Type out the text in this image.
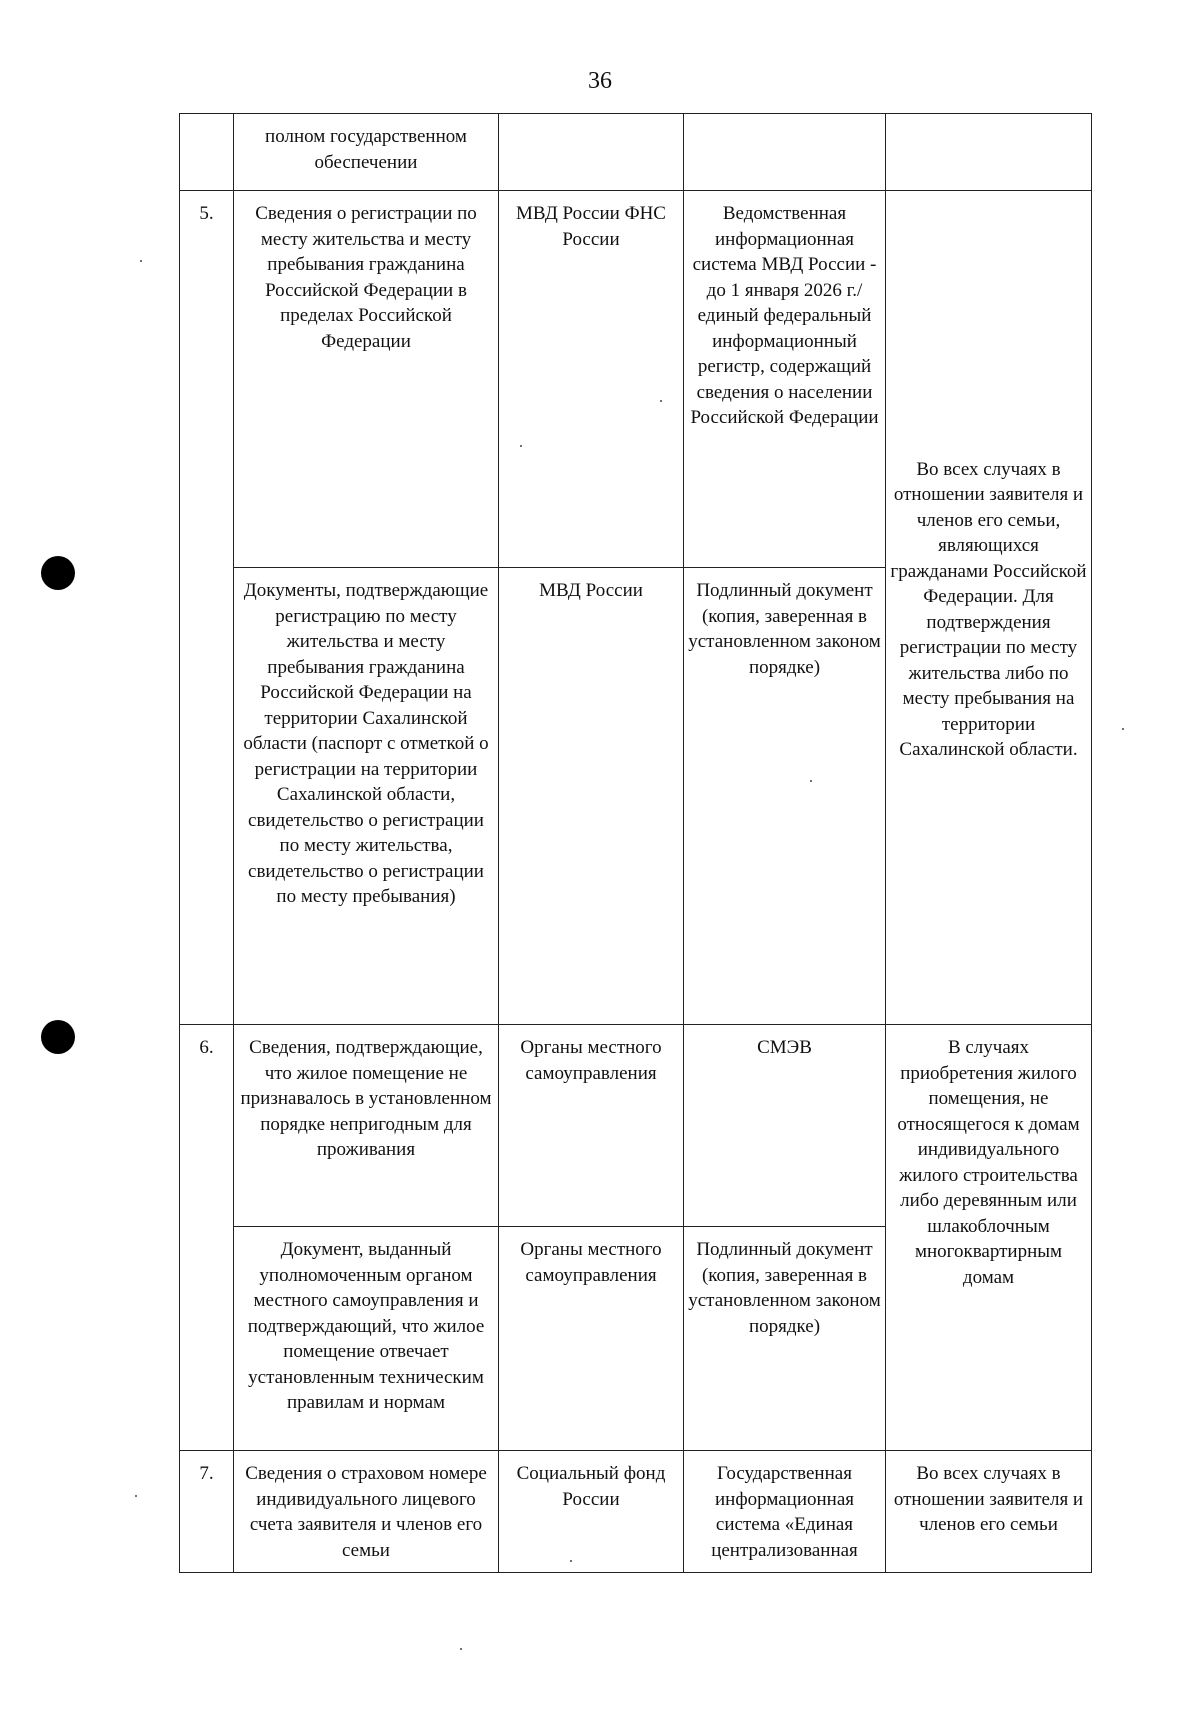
36
	полном государственном обеспечении			
5.	Сведения о регистрации по месту жительства и месту пребывания гражданина Российской Федерации в пределах Российской Федерации	МВД России ФНС России	Ведомственная информационная система МВД России - до 1 января 2026 г./единый федеральный информационный регистр, содержащий сведения о населении Российской Федерации	Во всех случаях в отношении заявителя и членов его семьи, являющихся гражданами Российской Федерации. Для подтверждения регистрации по месту жительства либо по месту пребывания на территории Сахалинской области.
	Документы, подтверждающие регистрацию по месту жительства и месту пребывания гражданина Российской Федерации на территории Сахалинской области (паспорт с отметкой о регистрации на территории Сахалинской области, свидетельство о регистрации по месту жительства, свидетельство о регистрации по месту пребывания)	МВД России	Подлинный документ (копия, заверенная в установленном законом порядке)	
6.	Сведения, подтверждающие, что жилое помещение не признавалось в установленном порядке непригодным для проживания	Органы местного самоуправления	СМЭВ	В случаях приобретения жилого помещения, не относящегося к домам индивидуального жилого строительства либо деревянным или шлакоблочным многоквартирным домам
	Документ, выданный уполномоченным органом местного самоуправления и подтверждающий, что жилое помещение отвечает установленным техническим правилам и нормам	Органы местного самоуправления	Подлинный документ (копия, заверенная в установленном законом порядке)	
7.	Сведения о страховом номере индивидуального лицевого счета заявителя и членов его семьи	Социальный фонд России	Государственная информационная система «Единая централизованная	Во всех случаях в отношении заявителя и членов его семьи
